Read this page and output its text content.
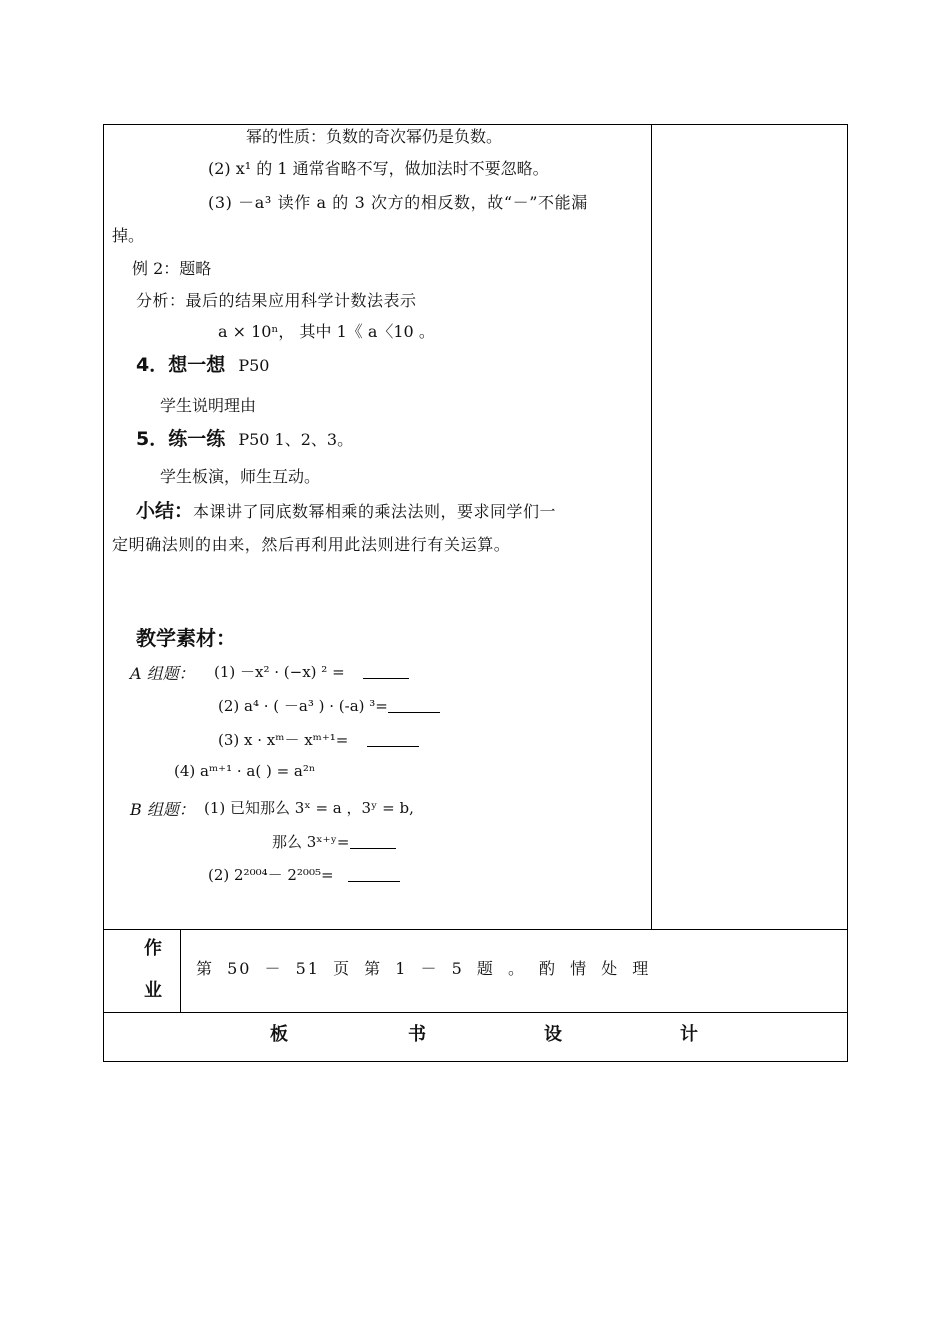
幂的性质：负数的奇次幂仍是负数。
(2) x¹ 的 1 通常省略不写，做加法时不要忽略。
(3) －a³ 读作 a 的 3 次方的相反数，故“－”不能漏
掉。
例 2：题略
分析：最后的结果应用科学计数法表示
a × 10ⁿ， 其中 1《 a〈10 。
4．想一想 P50
学生说明理由
5．练一练 P50 1、2、3。
学生板演，师生互动。
小结：本课讲了同底数幂相乘的乘法法则，要求同学们一
定明确法则的由来，然后再利用此法则进行有关运算。
教学素材：
A 组题： (1) －x² · (−x) ² =
(2) a⁴ · ( －a³ ) · (-a) ³=
(3) x · xᵐ－ xᵐ⁺¹=
(4) aᵐ⁺¹ · a( ) = a²ⁿ
B 组题： (1) 已知那么 3ˣ = a ，3ʸ = b,
那么 3ˣ⁺ʸ=
(2) 2²⁰⁰⁴－ 2²⁰⁰⁵=
作
业
第 50 － 51 页 第 1 － 5 题 。 酌 情 处 理
板	书	设	计
